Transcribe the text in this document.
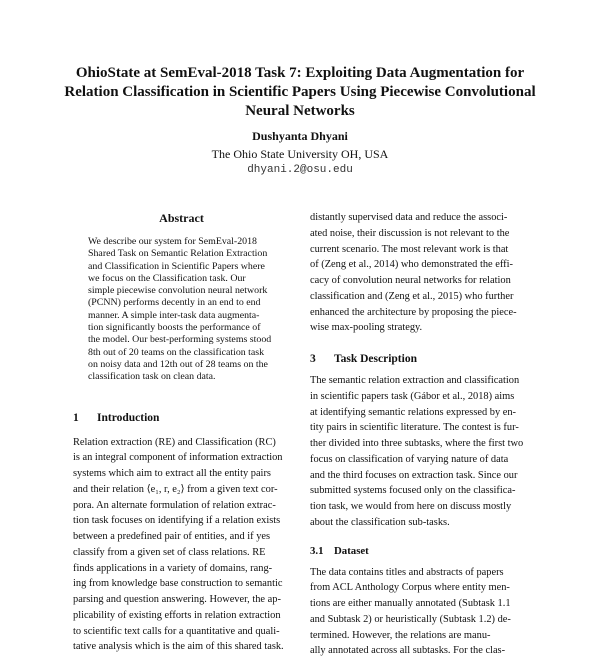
OhioState at SemEval-2018 Task 7: Exploiting Data Augmentation for
Relation Classification in Scientific Papers Using Piecewise Convolutional
Neural Networks
Dushyanta Dhyani
The Ohio State University OH, USA
dhyani.2@osu.edu
Abstract
We describe our system for SemEval-2018
Shared Task on Semantic Relation Extraction
and Classification in Scientific Papers where
we focus on the Classification task. Our
simple piecewise convolution neural network
(PCNN) performs decently in an end to end
manner. A simple inter-task data augmenta-
tion significantly boosts the performance of
the model. Our best-performing systems stood
8th out of 20 teams on the classification task
on noisy data and 12th out of 28 teams on the
classification task on clean data.
1	Introduction
Relation extraction (RE) and Classification (RC)
is an integral component of information extraction
systems which aim to extract all the entity pairs
and their relation ⟨e₁, r, e₂⟩ from a given text cor-
pora. An alternate formulation of relation extrac-
tion task focuses on identifying if a relation exists
between a predefined pair of entities, and if yes
classify from a given set of class relations. RE
finds applications in a variety of domains, rang-
ing from knowledge base construction to semantic
parsing and question answering. However, the ap-
plicability of existing efforts in relation extraction
to scientific text calls for a quantitative and quali-
tative analysis which is the aim of this shared task.
distantly supervised data and reduce the associ-
ated noise, their discussion is not relevant to the
current scenario. The most relevant work is that
of (Zeng et al., 2014) who demonstrated the effi-
cacy of convolution neural networks for relation
classification and (Zeng et al., 2015) who further
enhanced the architecture by proposing the piece-
wise max-pooling strategy.
3	Task Description
The semantic relation extraction and classification
in scientific papers task (Gábor et al., 2018) aims
at identifying semantic relations expressed by en-
tity pairs in scientific literature. The contest is fur-
ther divided into three subtasks, where the first two
focus on classification of varying nature of data
and the third focuses on extraction task. Since our
submitted systems focused only on the classifica-
tion task, we would from here on discuss mostly
about the classification sub-tasks.
3.1 Dataset
The data contains titles and abstracts of papers
from ACL Anthology Corpus where entity men-
tions are either manually annotated (Subtask 1.1
and Subtask 2) or heuristically (Subtask 1.2) de-
termined. However, the relations are manu-
ally annotated across all subtasks. For the clas-
